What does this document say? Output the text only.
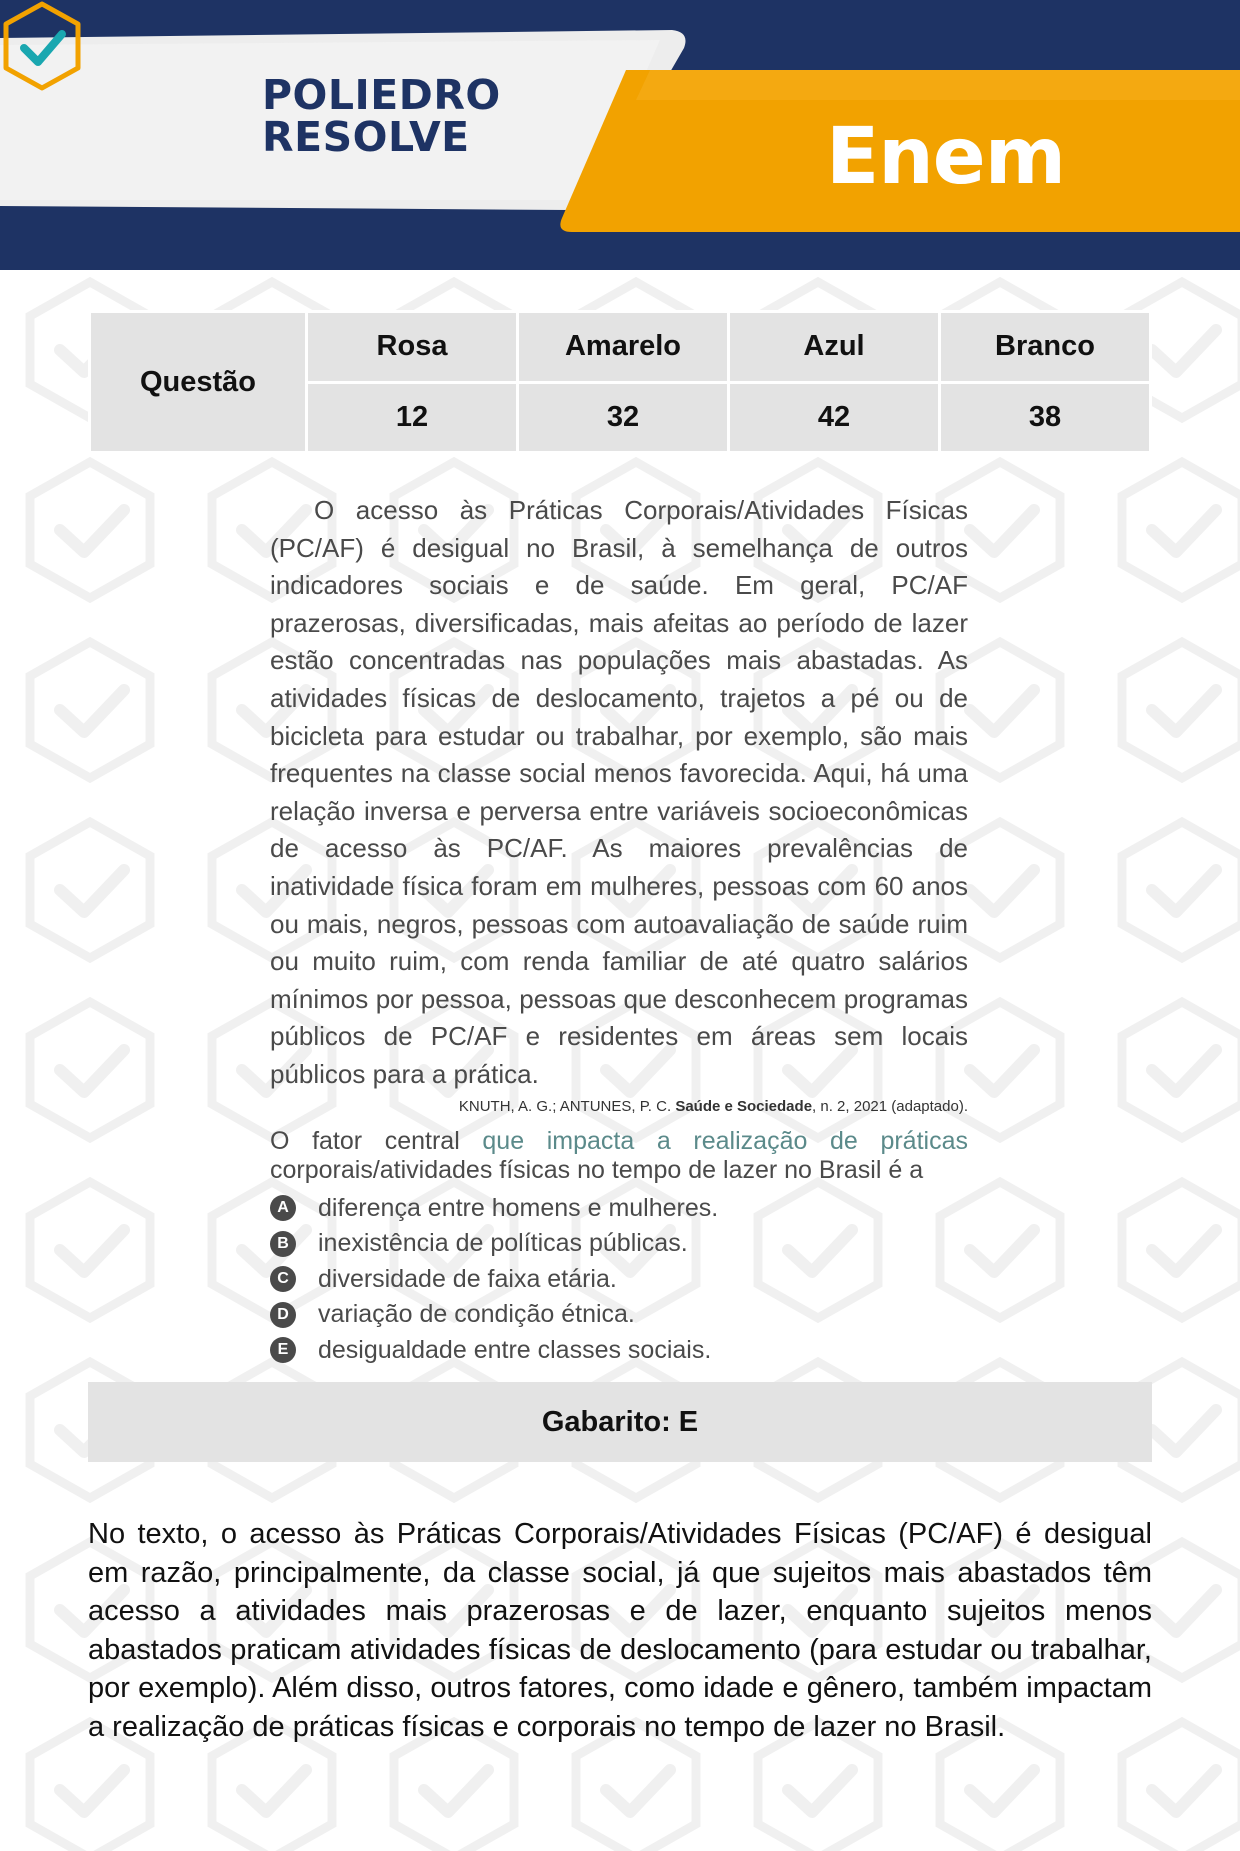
POLIEDRO
RESOLVE	Enem
Questão	Rosa	Amarelo	Azul	Branco
	12	32	42	38

O acesso às Práticas Corporais/Atividades Físicas (PC/AF) é desigual no Brasil, à semelhança de outros indicadores sociais e de saúde. Em geral, PC/AF prazerosas, diversificadas, mais afeitas ao período de lazer estão concentradas nas populações mais abastadas. As atividades físicas de deslocamento, trajetos a pé ou de bicicleta para estudar ou trabalhar, por exemplo, são mais frequentes na classe social menos favorecida. Aqui, há uma relação inversa e perversa entre variáveis socioeconômicas de acesso às PC/AF. As maiores prevalências de inatividade física foram em mulheres, pessoas com 60 anos ou mais, negros, pessoas com autoavaliação de saúde ruim ou muito ruim, com renda familiar de até quatro salários mínimos por pessoa, pessoas que desconhecem programas públicos de PC/AF e residentes em áreas sem locais públicos para a prática.

KNUTH, A. G.; ANTUNES, P. C. Saúde e Sociedade, n. 2, 2021 (adaptado).
O fator central que impacta a realização de práticas corporais/atividades físicas no tempo de lazer no Brasil é a
A diferença entre homens e mulheres.
B inexistência de políticas públicas.
C diversidade de faixa etária.
D variação de condição étnica.
E	desigualdade entre classes sociais.
Gabarito: E

No texto, o acesso às Práticas Corporais/Atividades Físicas (PC/AF) é desigual em razão, principalmente, da classe social, já que sujeitos mais abastados têm acesso a atividades mais prazerosas e de lazer, enquanto sujeitos menos abastados praticam atividades físicas de deslocamento (para estudar ou trabalhar, por exemplo). Além disso, outros fatores, como idade e gênero, também impactam a realização de práticas físicas e corporais no tempo de lazer no Brasil.
